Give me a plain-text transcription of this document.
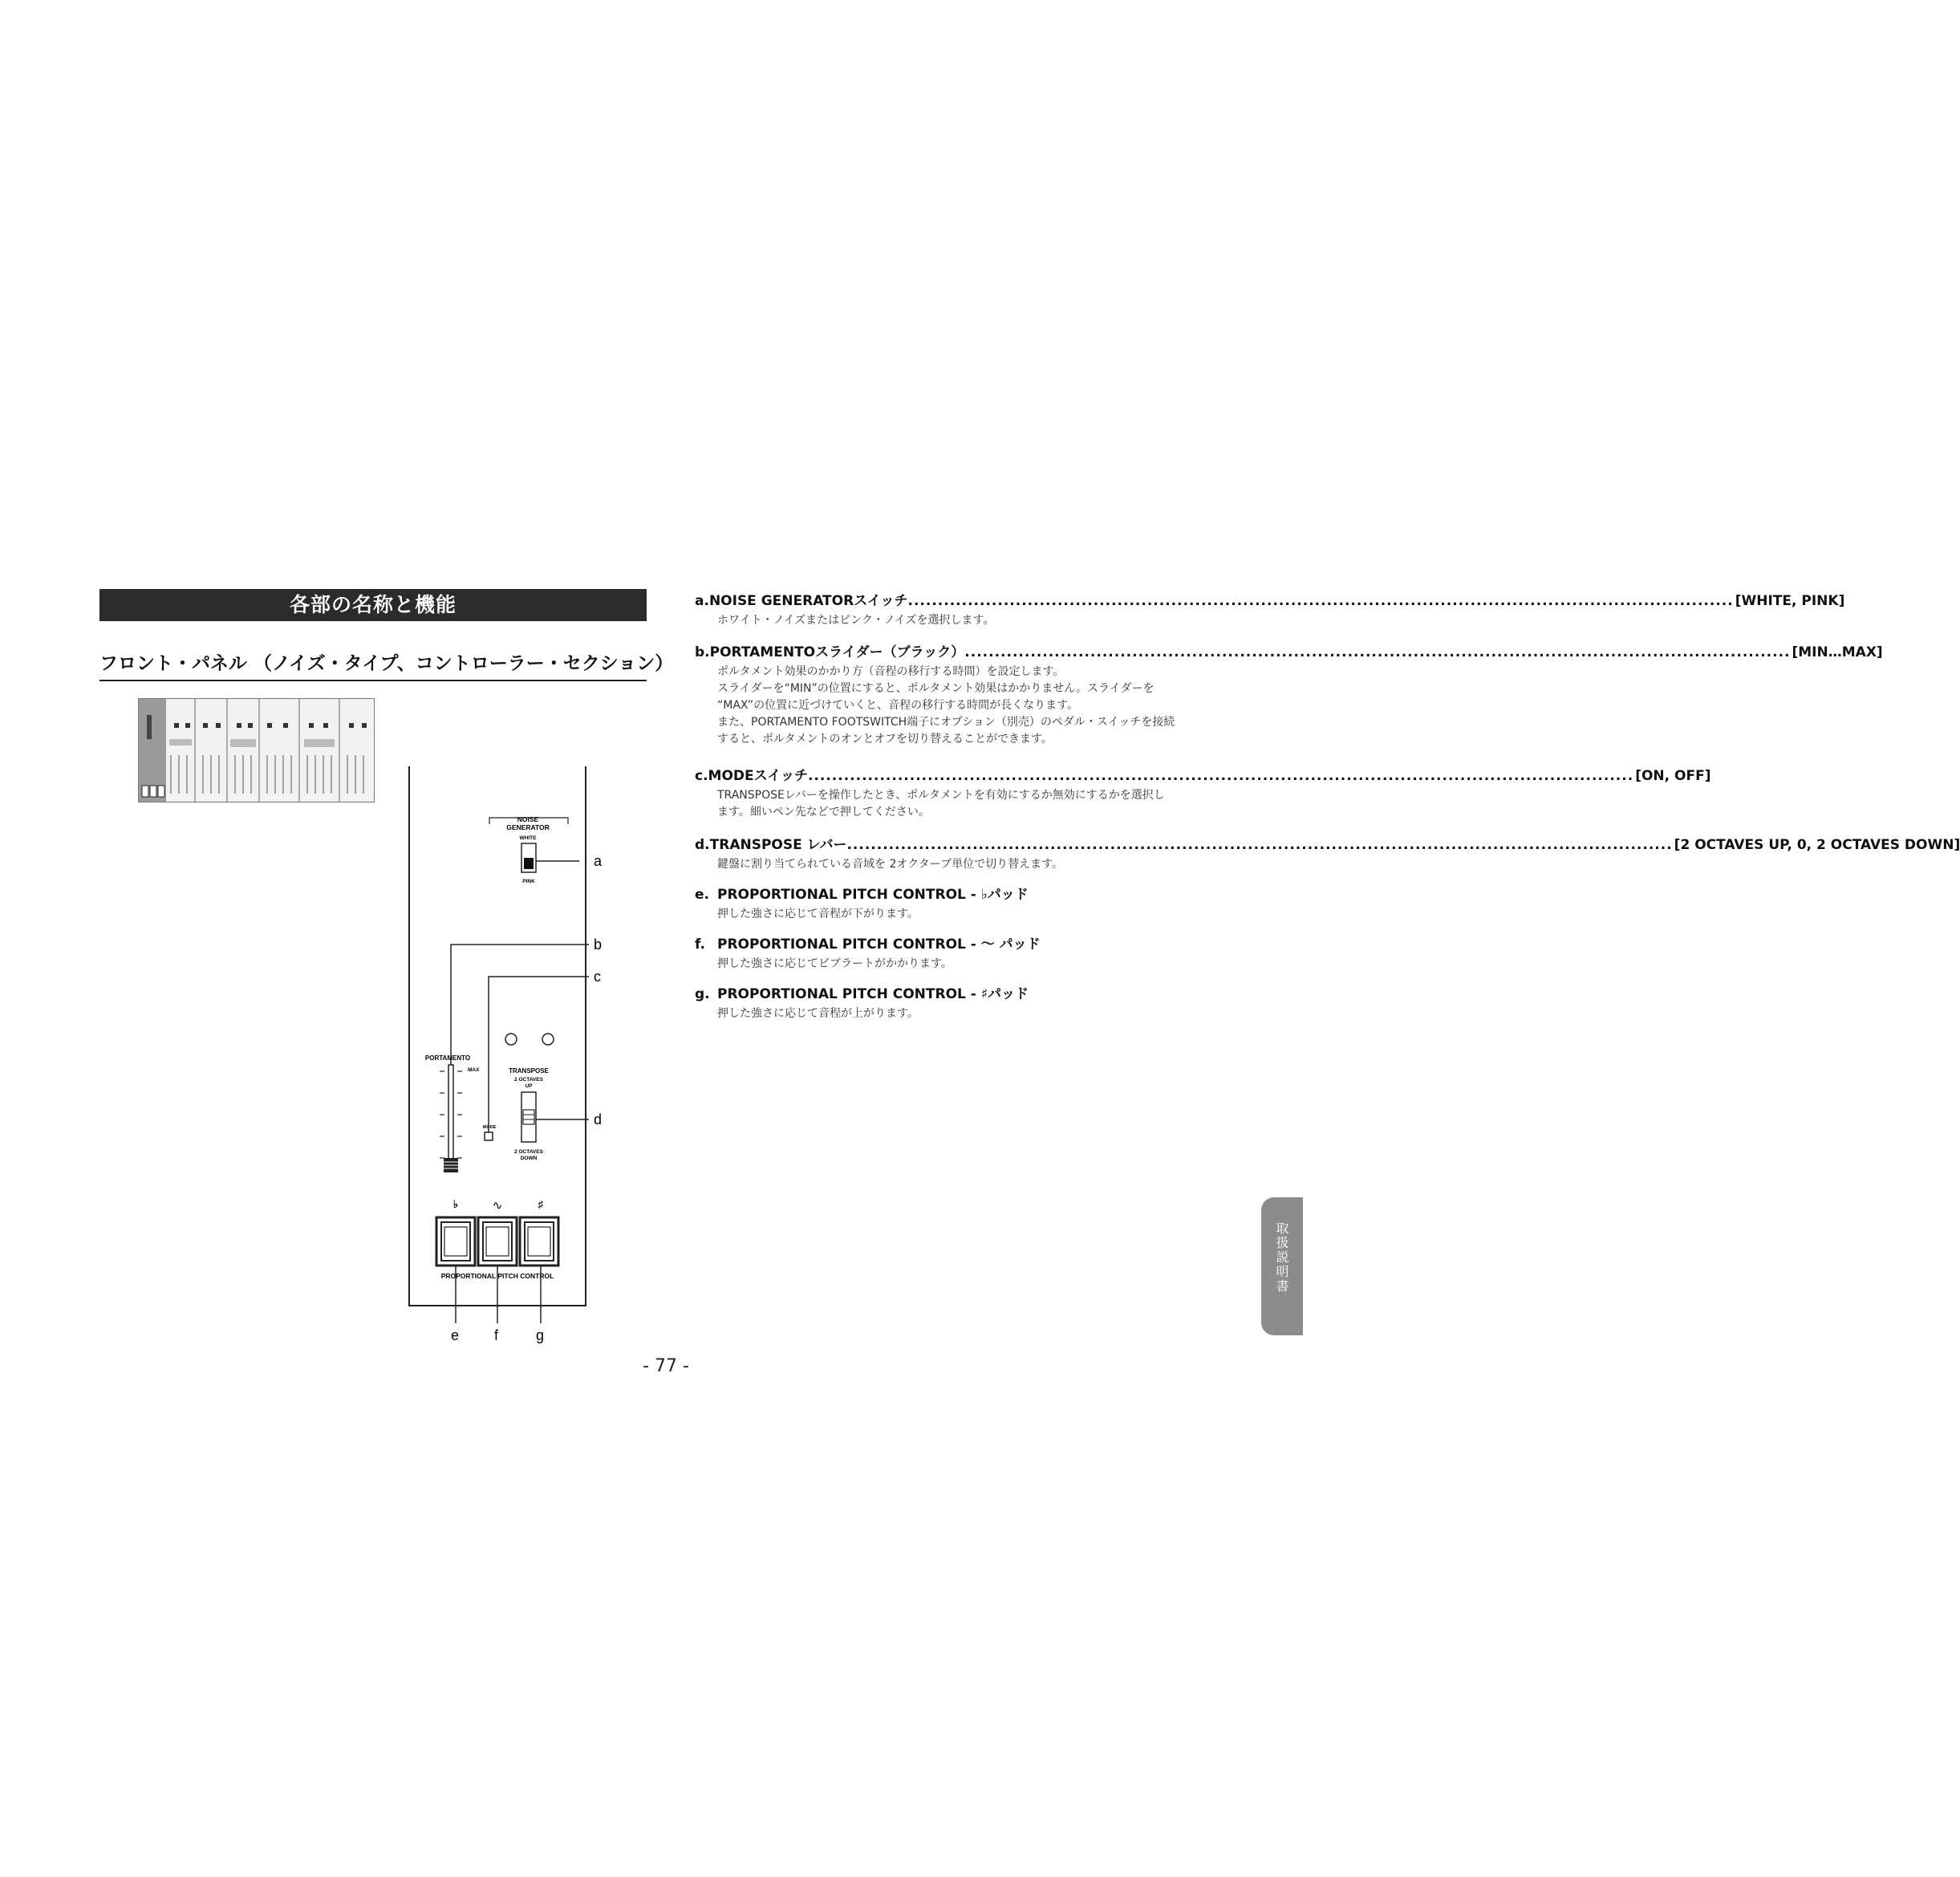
各部の名称と機能
フロント・パネル （ノイズ・タイプ、コントローラー・セクション）
NOISE
GENERATOR
WHITE
PINK
PORTAMENTO
MAX
MODE
TRANSPOSE
2 OCTAVES
UP
2 OCTAVES
DOWN
♭	∿	♯
PROPORTIONAL PITCH CONTROL
a
b
c
d
e f	g
a. NOISE GENERATORスイッチ .......................................................................................................................................... [WHITE, PINK]
ホワイト・ノイズまたはピンク・ノイズを選択します。
b. PORTAMENTOスライダー（ブラック） .......................................................................................................................................... [MIN…MAX]
ポルタメント効果のかかり方（音程の移行する時間）を設定します。
スライダーを“MIN”の位置にすると、ポルタメント効果はかかりません。スライダーを
“MAX”の位置に近づけていくと、音程の移行する時間が長くなります。
また、PORTAMENTO FOOTSWITCH端子にオプション（別売）のペダル・スイッチを接続
すると、ポルタメントのオンとオフを切り替えることができます。
c. MODEスイッチ .......................................................................................................................................... [ON, OFF]
TRANSPOSEレバーを操作したとき、ポルタメントを有効にするか無効にするかを選択し
ます。細いペン先などで押してください。
d. TRANSPOSE レバー .......................................................................................................................................... [2 OCTAVES UP, 0, 2 OCTAVES DOWN]
鍵盤に割り当てられている音域を 2オクターブ単位で切り替えます。
e. PROPORTIONAL PITCH CONTROL - ♭パッド
押した強さに応じて音程が下がります。
f. PROPORTIONAL PITCH CONTROL - 〜 パッド
押した強さに応じてビブラートがかかります。
g. PROPORTIONAL PITCH CONTROL - ♯パッド
押した強さに応じて音程が上がります。
取扱説明書
- 77 -
